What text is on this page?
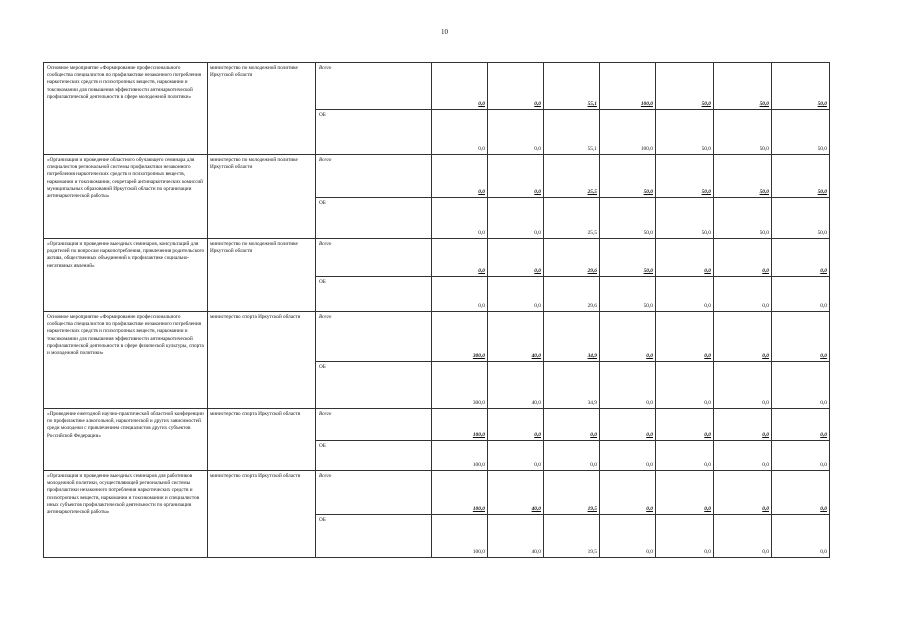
10
Основное мероприятие «Формирование профессионального сообщества специалистов по профилактике незаконного потребления наркотических средств и психотропных веществ, наркомании и токсикомании для повышения эффективности антинаркотической профилактической деятельности в сфере молодежной политики»	министерство по молодежной политике Иркутской области	Всего	0,0	0,0	55,1	100,0	50,0	50,0	50,0
		ОБ	0,0	0,0	55,1	100,0	50,0	50,0	50,0
«Организация и проведение областного обучающего семинара для специалистов региональной системы профилактики незаконного потребления наркотических средств и психотропных веществ, наркомании и токсикомании, секретарей антинаркотических комиссий муниципальных образований Иркутской области по организации антинаркотической работы»	министерство по молодежной политике Иркутской области	Всего	0,0	0,0	25,5	50,0	50,0	50,0	50,0
		ОБ	0,0	0,0	25,5	50,0	50,0	50,0	50,0
«Организация и проведение выездных семинаров, консультаций для родителей по вопросам наркопотребления, привлечения родительского актива, общественных объединений к профилактике социально-негативных явлений»	министерство по молодежной политике Иркутской области	Всего	0,0	0,0	29,6	50,0	0,0	0,0	0,0
		ОБ	0,0	0,0	29,6	50,0	0,0	0,0	0,0
Основное мероприятие «Формирование профессионального сообщества специалистов по профилактике незаконного потребления наркотических средств и психотропных веществ, наркомании и токсикомании для повышения эффективности антинаркотической профилактической деятельности в сфере физической культуры, спорта и молодежной политики»	министерство спорта Иркутской области	Всего	300,0	40,0	34,9	0,0	0,0	0,0	0,0
		ОБ	300,0	40,0	34,9	0,0	0,0	0,0	0,0
«Проведение ежегодной научно-практической областной конференции по профилактике алкогольной, наркотической и других зависимостей среди молодежи с привлечением специалистов других субъектов Российской Федерации»	министерство спорта Иркутской области	Всего	100,0	0,0	0,0	0,0	0,0	0,0	0,0
		ОБ	100,0	0,0	0,0	0,0	0,0	0,0	0,0
«Организация и проведение выездных семинаров для работников молодежной политики, осуществляющей региональной системы профилактики незаконного потребления наркотических средств и психотропных веществ, наркомании и токсикомании и специалистов иных субъектов профилактической деятельности по организации антинаркотической работы»	министерство спорта Иркутской области	Всего	100,0	40,0	19,5	0,0	0,0	0,0	0,0
		ОБ	100,0	40,0	19,5	0,0	0,0	0,0	0,0
